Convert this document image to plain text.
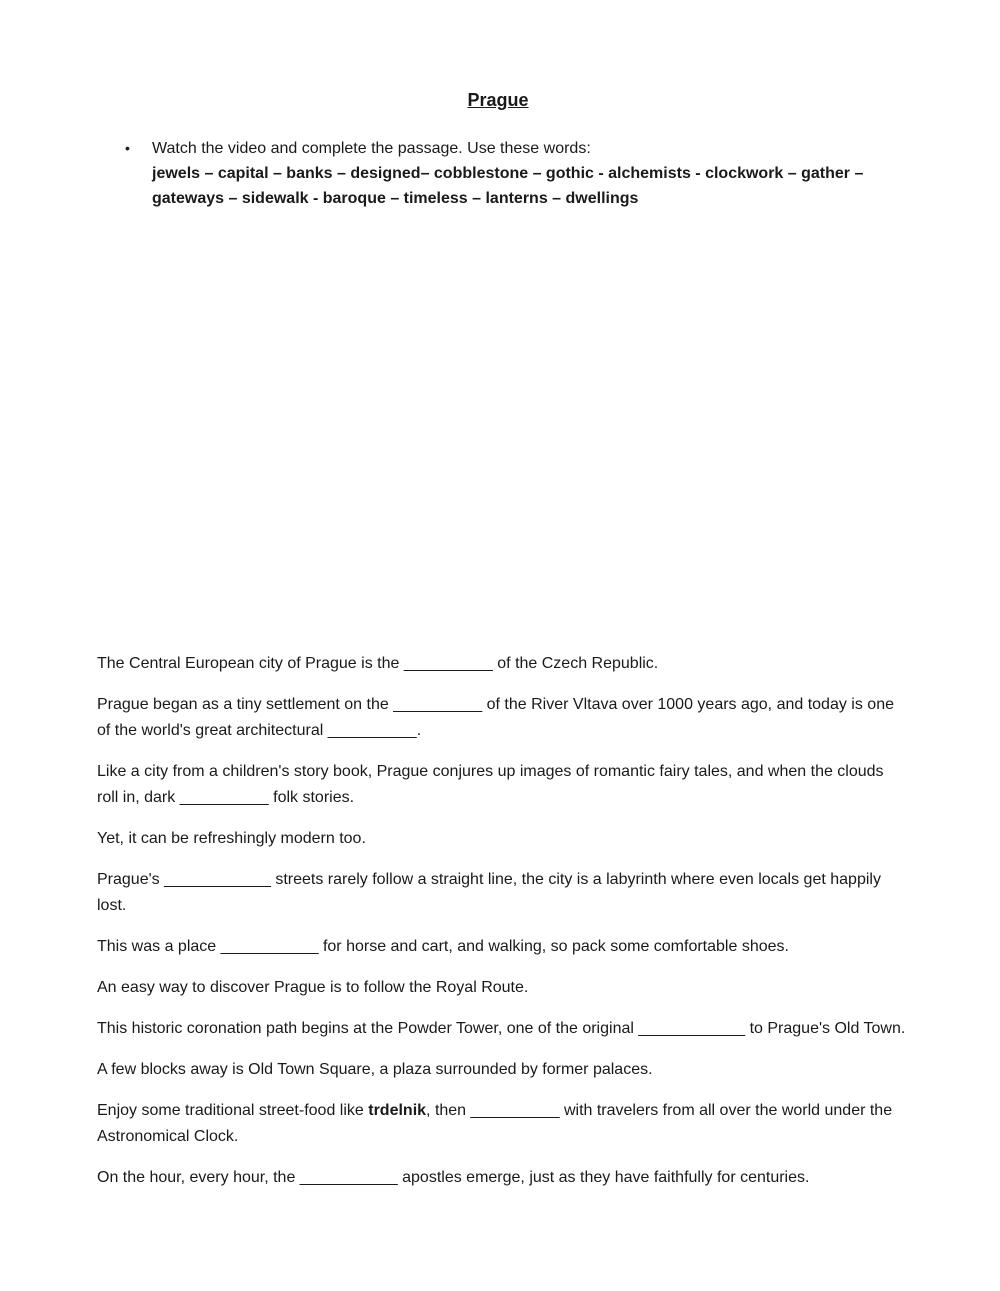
Prague
• Watch the video and complete the passage. Use these words:
jewels – capital – banks – designed– cobblestone – gothic - alchemists - clockwork – gather – gateways – sidewalk - baroque – timeless – lanterns – dwellings

The Central European city of Prague is the __________ of the Czech Republic.

Prague began as a tiny settlement on the __________ of the River Vltava over 1000 years ago, and today is one of the world's great architectural __________.

Like a city from a children's story book, Prague conjures up images of romantic fairy tales, and when the clouds roll in, dark __________ folk stories.

Yet, it can be refreshingly modern too.

Prague's ____________ streets rarely follow a straight line, the city is a labyrinth where even locals get happily lost.

This was a place ___________ for horse and cart, and walking, so pack some comfortable shoes.

An easy way to discover Prague is to follow the Royal Route.

This historic coronation path begins at the Powder Tower, one of the original ____________ to Prague's Old Town.

A few blocks away is Old Town Square, a plaza surrounded by former palaces.

Enjoy some traditional street-food like trdelnik, then __________ with travelers from all over the world under the Astronomical Clock.

On the hour, every hour, the ___________ apostles emerge, just as they have faithfully for centuries.
